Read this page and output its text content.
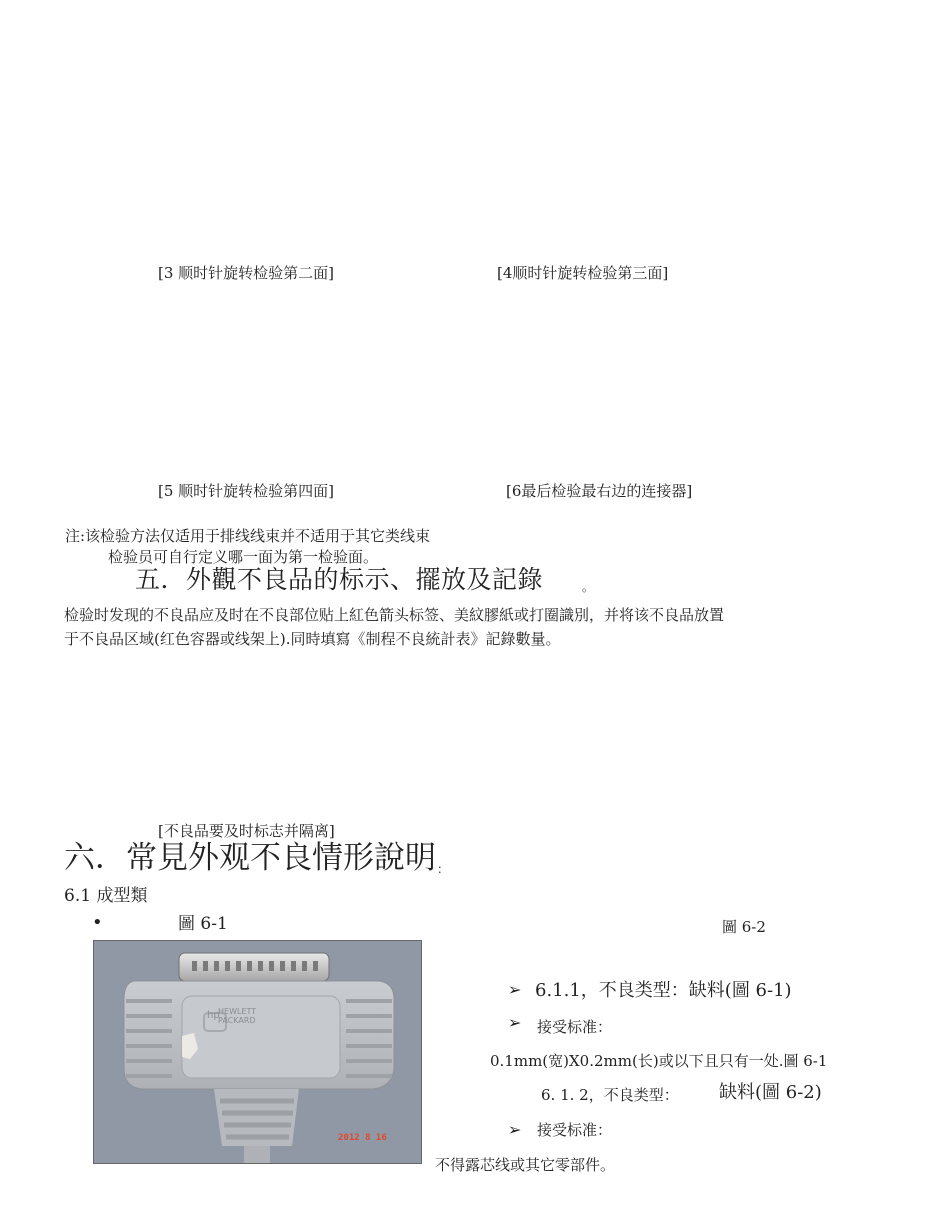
[3 顺时针旋转检验第二面]	[4顺时针旋转检验第三面]
[5 顺时针旋转检验第四面]	[6最后检验最右边的连接器]
注:该检验方法仅适用于排线线束并不适用于其它类线束
检验员可自行定义哪一面为第一检验面。
五．外觀不良品的标示、擺放及記錄	。
检验时发现的不良品应及时在不良部位贴上紅色箭头标签、美紋膠紙或打圈識別，并将该不良品放置
于不良品区域(红色容器或线架上).同時填寫《制程不良統計表》記錄數量。
[不良品要及时标志并隔离]
六．常見外观不良情形說明 ：
6.1 成型類
•	圖 6-1	圖 6-2
HEWLETT
PACKARD
hp
2012 8 16
➢ 6.1.1，不良类型：缺料(圖 6-1)
➢ 接受标准：
0.1mm(宽)X0.2mm(长)或以下且只有一处.圖 6-1
6. 1. 2，不良类型： 缺料(圖 6-2)
➢ 接受标准：
不得露芯线或其它零部件。
